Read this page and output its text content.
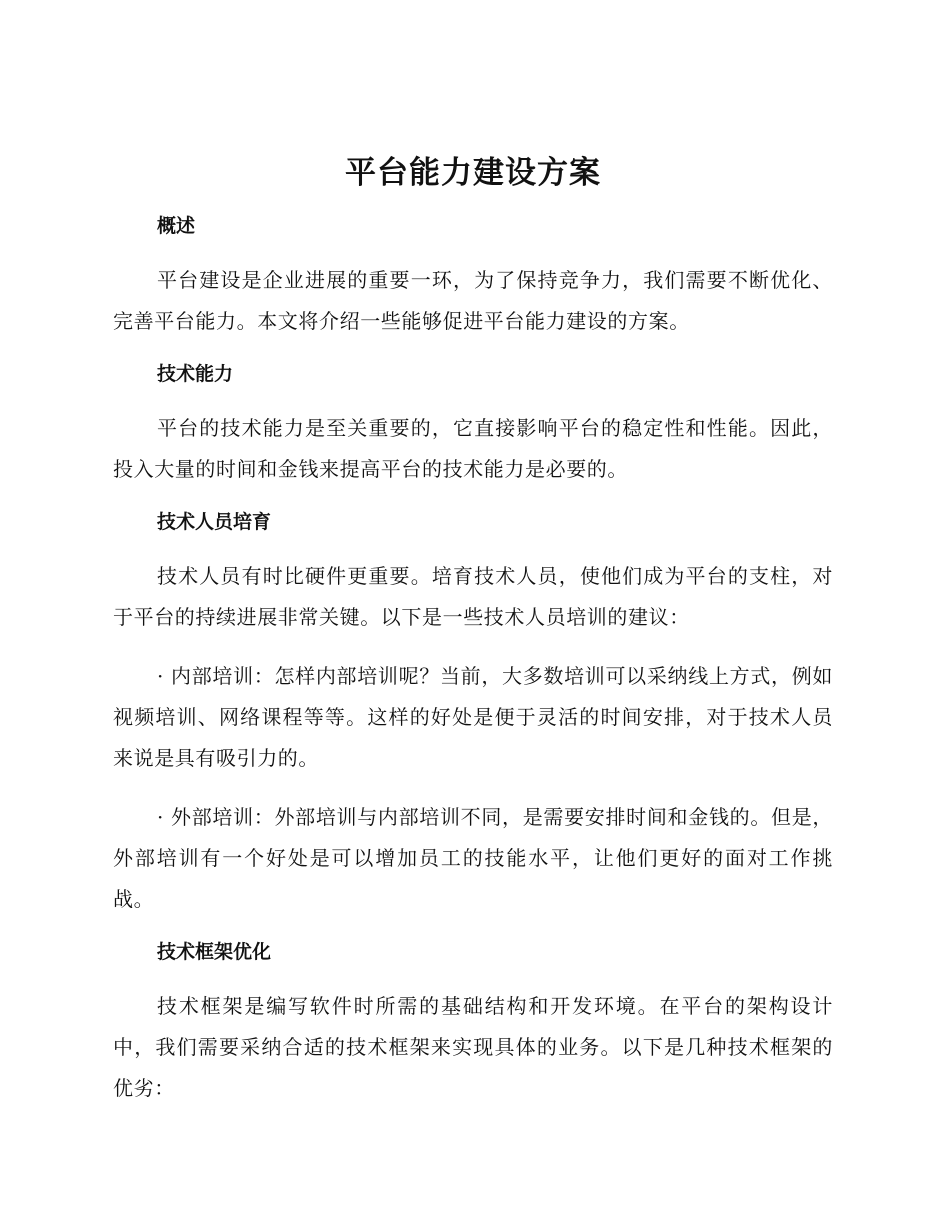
平台能力建设方案
概述

平台建设是企业进展的重要一环，为了保持竞争力，我们需要不断优化、完善平台能力。本文将介绍一些能够促进平台能力建设的方案。

技术能力

平台的技术能力是至关重要的，它直接影响平台的稳定性和性能。因此，投入大量的时间和金钱来提高平台的技术能力是必要的。

技术人员培育

技术人员有时比硬件更重要。培育技术人员，使他们成为平台的支柱，对于平台的持续进展非常关键。以下是一些技术人员培训的建议：

· 内部培训：怎样内部培训呢？当前，大多数培训可以采纳线上方式，例如视频培训、网络课程等等。这样的好处是便于灵活的时间安排，对于技术人员来说是具有吸引力的。

· 外部培训：外部培训与内部培训不同，是需要安排时间和金钱的。但是，外部培训有一个好处是可以增加员工的技能水平，让他们更好的面对工作挑战。

技术框架优化

技术框架是编写软件时所需的基础结构和开发环境。在平台的架构设计中，我们需要采纳合适的技术框架来实现具体的业务。以下是几种技术框架的优劣：
